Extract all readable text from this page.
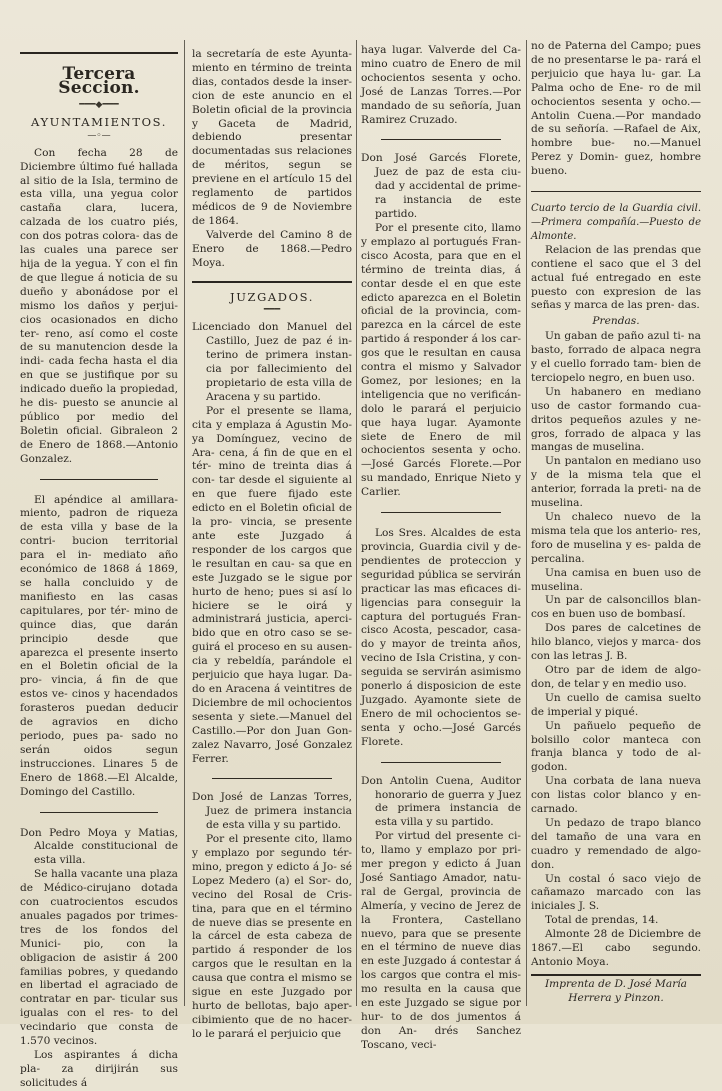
Tercera Seccion.
━━━◆━━━
AYUNTAMIENTOS.
—◦—

Con fecha 28 de Diciembre último fué hallada al sitio de la Isla, termino de esta villa, una yegua color castaña clara, lucera, calzada de los cuatro piés, con dos potras colora- das de las cuales una parece ser hija de la yegua. Y con el fin de que llegue á noticia de su dueño y abonádose por el mismo los daños y perjui- cios ocasionados en dicho ter- reno, así como el coste de su manutencion desde la indi- cada fecha hasta el dia en que se justifique por su indicado dueño la propiedad, he dis- puesto se anuncie al público por medio del Boletin oficial. Gibraleon 2 de Enero de 1868.—Antonio Gonzalez.

El apéndice al amillara- miento, padron de riqueza de esta villa y base de la contri- bucion territorial para el in- mediato año económico de 1868 á 1869, se halla concluido y de manifiesto en las casas capitulares, por tér- mino de quince dias, que darán principio desde que aparezca el presente inserto en el Boletin oficial de la pro- vincia, á fin de que estos ve- cinos y hacendados forasteros puedan deducir de agravios en dicho periodo, pues pa- sado no serán oidos segun instrucciones. Linares 5 de Enero de 1868.—El Alcalde, Domingo del Castillo.

Don Pedro Moya y Matias, Alcalde constitucional de esta villa.

Se halla vacante una plaza de Médico-cirujano dotada con cuatrocientos escudos anuales pagados por trimes- tres de los fondos del Munici- pio, con la obligacion de asistir á 200 familias pobres, y quedando en libertad el agraciado de contratar en par- ticular sus igualas con el res- to del vecindario que consta de 1.570 vecinos.

Los aspirantes á dicha pla- za dirijirán sus solicitudes á

la secretaría de este Ayunta- miento en término de treinta dias, contados desde la inser- cion de este anuncio en el Boletin oficial de la provincia y Gaceta de Madrid, debiendo presentar documentadas sus relaciones de méritos, segun se previene en el artículo 15 del reglamento de partidos médicos de 9 de Noviembre de 1864.

Valverde del Camino 8 de Enero de 1868.—Pedro Moya.

JUZGADOS.
━━━

Licenciado don Manuel del Castillo, Juez de paz é in- terino de primera instan- cia por fallecimiento del propietario de esta villa de Aracena y su partido.

Por el presente se llama, cita y emplaza á Agustin Mo- ya Domínguez, vecino de Ara- cena, á fin de que en el tér- mino de treinta dias á con- tar desde el siguiente al en que fuere fijado este edicto en el Boletin oficial de la pro- vincia, se presente ante este Juzgado á responder de los cargos que le resultan en cau- sa que en este Juzgado se le sigue por hurto de heno; pues si así lo hiciere se le oirá y administrará justicia, aperci- bido que en otro caso se se- guirá el proceso en su ausen- cia y rebeldía, parándole el perjuicio que haya lugar. Da- do en Aracena á veintitres de Diciembre de mil ochocientos sesenta y siete.—Manuel del Castillo.—Por don Juan Gon- zalez Navarro, José Gonzalez Ferrer.

Don José de Lanzas Torres, Juez de primera instancia de esta villa y su partido.

Por el presente cito, llamo y emplazo por segundo tér- mino, pregon y edicto á Jo- sé Lopez Medero (a) el Sor- do, vecino del Rosal de Cris- tina, para que en el término de nueve dias se presente en la cárcel de esta cabeza de partido á responder de los cargos que le resultan en la causa que contra el mismo se sigue en este Juzgado por hurto de bellotas, bajo aper- cibimiento que de no hacer- lo le parará el perjuicio que

haya lugar. Valverde del Ca- mino cuatro de Enero de mil ochocientos sesenta y ocho. José de Lanzas Torres.—Por mandado de su señoría, Juan Ramirez Cruzado.

Don José Garcés Florete, Juez de paz de esta ciu- dad y accidental de prime- ra instancia de este partido.

Por el presente cito, llamo y emplazo al portugués Fran- cisco Acosta, para que en el término de treinta dias, á contar desde el en que este edicto aparezca en el Boletin oficial de la provincia, com- parezca en la cárcel de este partido á responder á los car- gos que le resultan en causa contra el mismo y Salvador Gomez, por lesiones; en la inteligencia que no verificán- dolo le parará el perjuicio que haya lugar. Ayamonte siete de Enero de mil ochocientos sesenta y ocho.—José Garcés Florete.—Por su mandado, Enrique Nieto y Carlier.

Los Sres. Alcaldes de esta provincia, Guardia civil y de- pendientes de proteccion y seguridad pública se servirán practicar las mas eficaces di- ligencias para conseguir la captura del portugués Fran- cisco Acosta, pescador, casa- do y mayor de treinta años, vecino de Isla Cristina, y con- seguida se servirán asimismo ponerlo á disposicion de este Juzgado. Ayamonte siete de Enero de mil ochocientos se- senta y ocho.—José Garcés Florete.

Don Antolin Cuena, Auditor honorario de guerra y Juez de primera instancia de esta villa y su partido.

Por virtud del presente ci- to, llamo y emplazo por pri- mer pregon y edicto á Juan José Santiago Amador, natu- ral de Gergal, provincia de Almería, y vecino de Jerez de la Frontera, Castellano nuevo, para que se presente en el término de nueve dias en este Juzgado á contestar á los cargos que contra el mis- mo resulta en la causa que en este Juzgado se sigue por hur- to de dos jumentos á don An- drés Sanchez Toscano, veci-

no de Paterna del Campo; pues de no presentarse le pa- rará el perjuicio que haya lu- gar. La Palma ocho de Ene- ro de mil ochocientos sesenta y ocho.—Antolin Cuena.—Por mandado de su señoría. —Rafael de Aix, hombre bue- no.—Manuel Perez y Domin- guez, hombre bueno.

Cuarto tercio de la Guardia civil. —Primera compañía.—Puesto de Almonte.

Relacion de las prendas que contiene el saco que el 3 del actual fué entregado en este puesto con expresion de las señas y marca de las pren- das.

Prendas.

Un gaban de paño azul ti- na basto, forrado de alpaca negra y el cuello forrado tam- bien de terciopelo negro, en buen uso.

Un habanero en mediano uso de castor formando cua- dritos pequeños azules y ne- gros, forrado de alpaca y las mangas de muselina.

Un pantalon en mediano uso y de la misma tela que el anterior, forrada la preti- na de muselina.

Un chaleco nuevo de la misma tela que los anterio- res, foro de muselina y es- palda de percalina.

Una camisa en buen uso de muselina.

Un par de calsoncillos blan- cos en buen uso de bombasí.

Dos pares de calcetines de hilo blanco, viejos y marca- dos con las letras J. B.

Otro par de idem de algo- don, de telar y en medio uso.

Un cuello de camisa suelto de imperial y piqué.

Un pañuelo pequeño de bolsillo color manteca con franja blanca y todo de al- godon.

Una corbata de lana nueva con listas color blanco y en- carnado.

Un pedazo de trapo blanco del tamaño de una vara en cuadro y remendado de algo- don.

Un costal ó saco viejo de cañamazo marcado con las iniciales J. S.

Total de prendas, 14.

Almonte 28 de Diciembre de 1867.—El cabo segundo. Antonio Moya.

Imprenta de D. José María Herrera y Pinzon.
